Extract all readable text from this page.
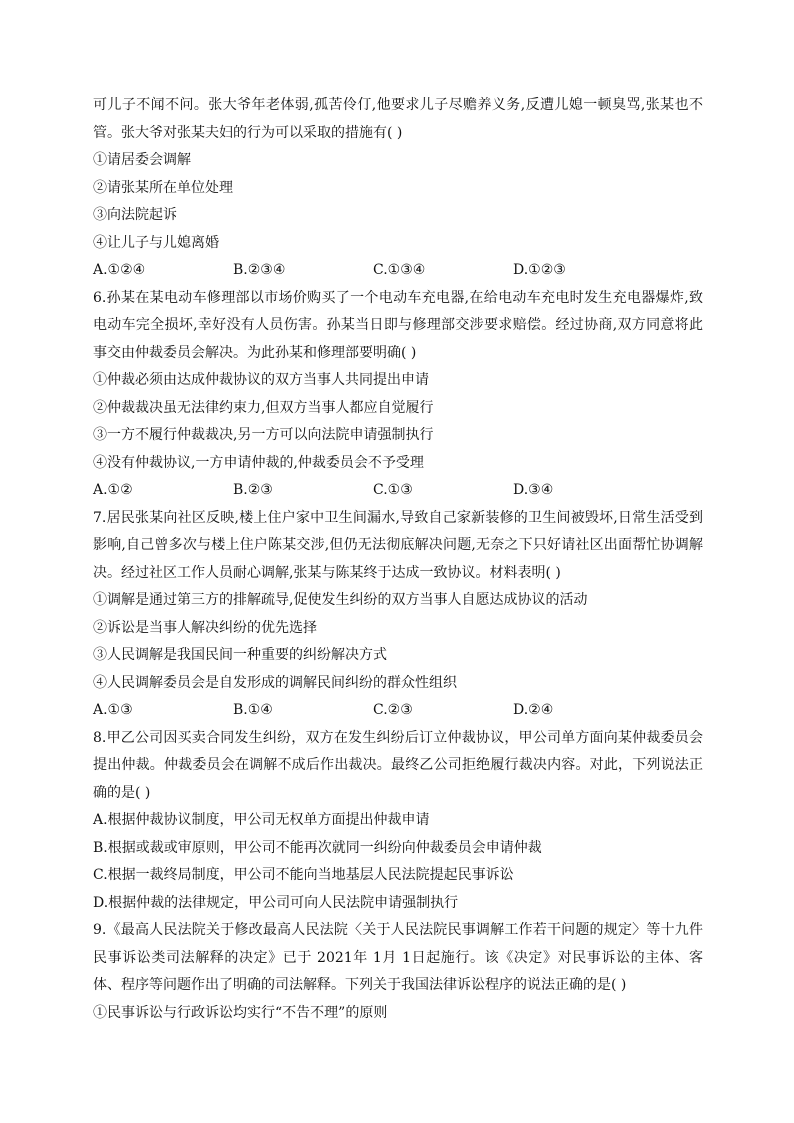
可儿子不闻不问。张大爷年老体弱,孤苦伶仃,他要求儿子尽赡养义务,反遭儿媳一顿臭骂,张某也不管。张大爷对张某夫妇的行为可以采取的措施有( )

①请居委会调解

②请张某所在单位处理

③向法院起诉

④让儿子与儿媳离婚

A.①②④	B.②③④	C.①③④	D.①②③

6.孙某在某电动车修理部以市场价购买了一个电动车充电器,在给电动车充电时发生充电器爆炸,致电动车完全损坏,幸好没有人员伤害。孙某当日即与修理部交涉要求赔偿。经过协商,双方同意将此事交由仲裁委员会解决。为此孙某和修理部要明确( )

①仲裁必须由达成仲裁协议的双方当事人共同提出申请

②仲裁裁决虽无法律约束力,但双方当事人都应自觉履行

③一方不履行仲裁裁决,另一方可以向法院申请强制执行

④没有仲裁协议,一方申请仲裁的,仲裁委员会不予受理

A.①②	B.②③	C.①③	D.③④

7.居民张某向社区反映,楼上住户家中卫生间漏水,导致自己家新装修的卫生间被毁坏,日常生活受到影响,自己曾多次与楼上住户陈某交涉,但仍无法彻底解决问题,无奈之下只好请社区出面帮忙协调解决。经过社区工作人员耐心调解,张某与陈某终于达成一致协议。材料表明( )

①调解是通过第三方的排解疏导,促使发生纠纷的双方当事人自愿达成协议的活动

②诉讼是当事人解决纠纷的优先选择

③人民调解是我国民间一种重要的纠纷解决方式

④人民调解委员会是自发形成的调解民间纠纷的群众性组织

A.①③	B.①④	C.②③	D.②④

8.甲乙公司因买卖合同发生纠纷，双方在发生纠纷后订立仲裁协议，甲公司单方面向某仲裁委员会提出仲裁。仲裁委员会在调解不成后作出裁决。最终乙公司拒绝履行裁决内容。对此，下列说法正确的是( )

A.根据仲裁协议制度，甲公司无权单方面提出仲裁申请

B.根据或裁或审原则，甲公司不能再次就同一纠纷向仲裁委员会申请仲裁

C.根据一裁终局制度，甲公司不能向当地基层人民法院提起民事诉讼

D.根据仲裁的法律规定，甲公司可向人民法院申请强制执行

9.《最高人民法院关于修改最高人民法院〈关于人民法院民事调解工作若干问题的规定〉等十九件民事诉讼类司法解释的决定》已于 2021年 1月 1日起施行。该《决定》对民事诉讼的主体、客体、程序等问题作出了明确的司法解释。下列关于我国法律诉讼程序的说法正确的是( )

①民事诉讼与行政诉讼均实行“不告不理”的原则
